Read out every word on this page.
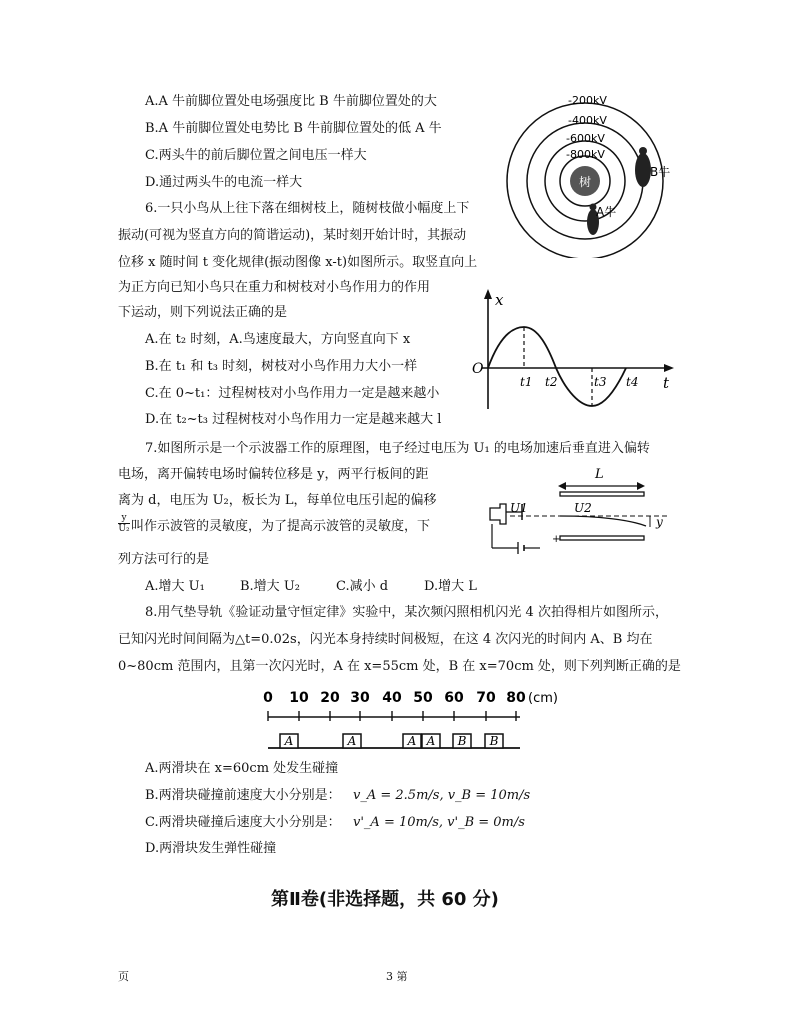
A.A 牛前脚位置处电场强度比 B 牛前脚位置处的大
B.A 牛前脚位置处电势比 B 牛前脚位置处的低 A 牛
C.两头牛的前后脚位置之间电压一样大
D.通过两头牛的电流一样大	树
-200kV
-400kV
-600kV
-800kV
B牛
A牛
6.一只小鸟从上往下落在细树枝上，随树枝做小幅度上下
振动(可视为竖直方向的简谐运动)，某时刻开始计时，其振动
位移 x 随时间 t 变化规律(振动图像 x-t)如图所示。取竖直向上
为正方向已知小鸟只在重力和树枝对小鸟作用力的作用
下运动，则下列说法正确的是
A.在 t₂ 时刻，A.鸟速度最大，方向竖直向下 x
B.在 t₁ 和 t₃ 时刻，树枝对小鸟作用力大小一样
C.在 0~t₁：过程树枝对小鸟作用力一定是越来越小
D.在 t₂~t₃ 过程树枝对小鸟作用力一定是越来越大 l
x
t
O
t1 t2	t3 t4
7.如图所示是一个示波器工作的原理图，电子经过电压为 U₁ 的电场加速后垂直进入偏转
电场，离开偏转电场时偏转位移是 y，两平行板间的距
离为 d，电压为 U₂，板长为 L，每单位电压引起的偏移
$\frac{y}{\text{U₂}}$ 叫作示波管的灵敏度，为了提高示波管的灵敏度，下
列方法可行的是
A.增大 U₁	B.增大 U₂	C.减小 d	D.增大 L
L
U1	U2
y
+
8.用气垫导轨《验证动量守恒定律》实验中，某次频闪照相机闪光 4 次拍得相片如图所示，
已知闪光时间间隔为△t=0.02s，闪光本身持续时间极短，在这 4 次闪光的时间内 A、B 均在
0~80cm 范围内，且第一次闪光时，A 在 x=55cm 处，B 在 x=70cm 处，则下列判断正确的是
0 10 20 30 40 50 60 70 80 (cm)
A	A	A A B B
A.两滑块在 x=60cm 处发生碰撞
B.两滑块碰撞前速度大小分别是： v_A = 2.5m/s, v_B = 10m/s
C.两滑块碰撞后速度大小分别是： v'_A = 10m/s, v'_B = 0m/s
D.两滑块发生弹性碰撞
第Ⅱ卷(非选择题，共 60 分)
页	3 第
